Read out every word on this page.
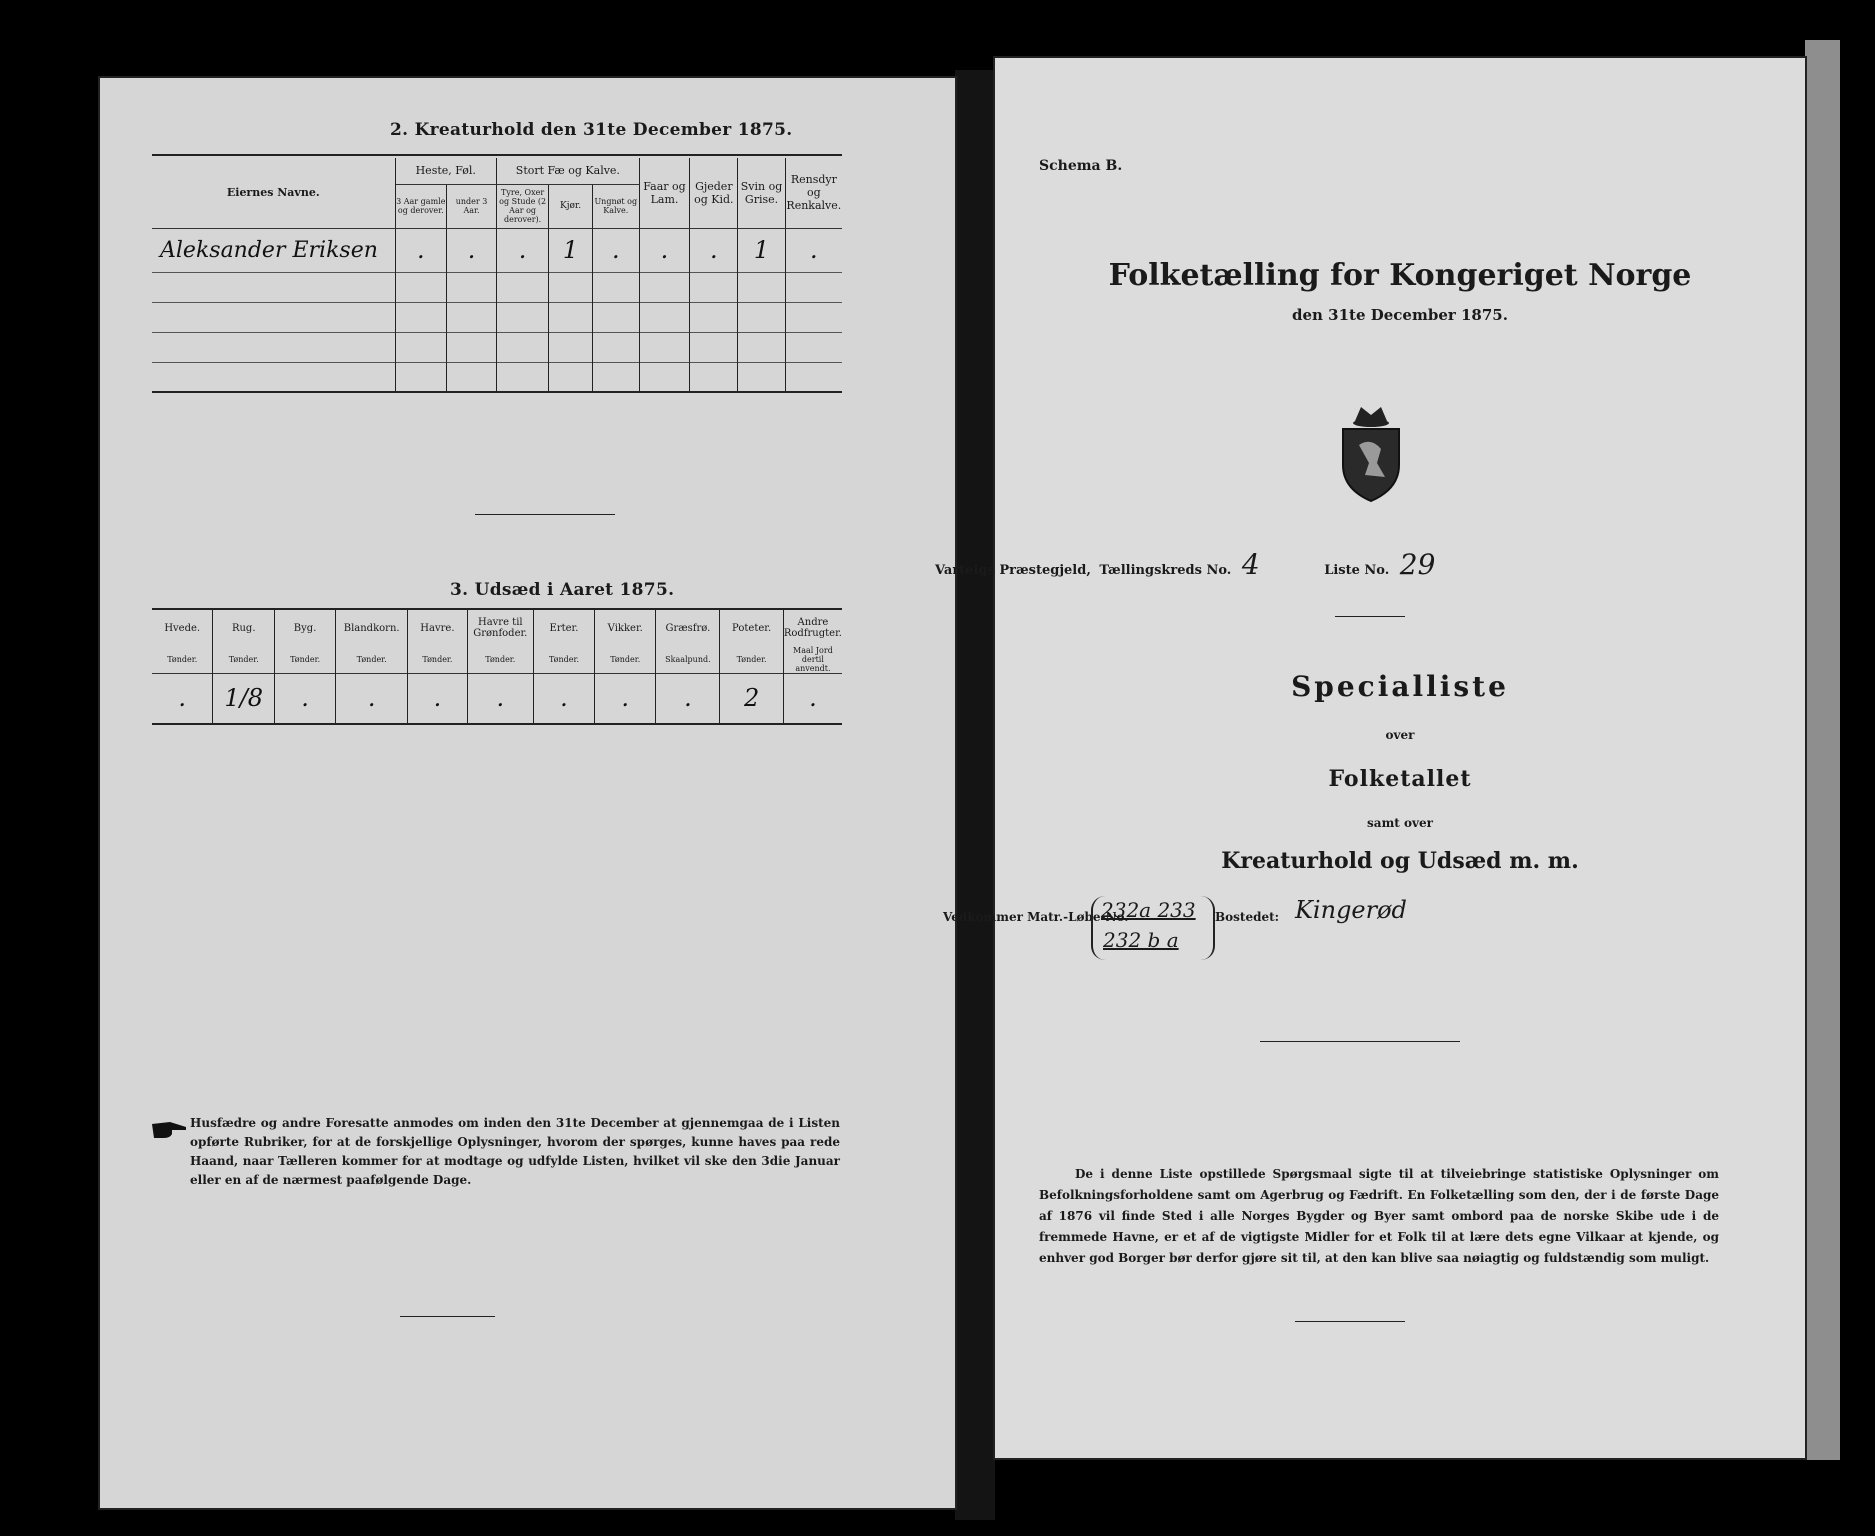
2. Kreaturhold den 31te December 1875.
Eiernes Navne.	Heste, Føl.		Stort Fæ og Kalve.			Faar og Lam.	Gjeder og Kid.	Svin og Grise.	Rensdyr og Renkalve.
	3 Aar gamle og derover.	under 3 Aar.	Tyre, Oxer og Stude (2 Aar og derover).	Kjør.	Ungnøt og Kalve.				
Aleksander Eriksen	.	.	.	1	.	.	.	1	.

3. Udsæd i Aaret 1875.
Hvede.	Rug.	Byg.	Blandkorn.	Havre.	Havre til Grønfoder.	Erter.	Vikker.	Græsfrø.	Poteter.	Andre Rodfrugter.
Tønder.	Tønder.	Tønder.	Tønder.	Tønder.	Tønder.	Tønder.	Tønder.	Skaalpund.	Tønder.	Maal Jord dertil anvendt.
.	1/8	.	.	.	.	.	.	.	2	.
Husfædre og andre Foresatte anmodes om inden den 31te December at gjennemgaa de i Listen opførte Rubriker, for at de forskjellige Oplysninger, hvorom der spørges, kunne haves paa rede Haand, naar Tælleren kommer for at modtage og udfylde Listen, hvilket vil ske den 3die Januar eller en af de nærmest paafølgende Dage.
Schema B.
Folketælling for Kongeriget Norge
den 31te December 1875.
Varteigs Præstegjeld, Tællingskreds No. 4	Liste No. 29
Specialliste
over
Folketallet
samt over
Kreaturhold og Udsæd m. m.
Vedkommer Matr.-Løbe-No.
232a 233
232 b a
Bostedet: Kingerød
De i denne Liste opstillede Spørgsmaal sigte til at tilveiebringe statistiske Oplysninger om Befolkningsforholdene samt om Agerbrug og Fædrift. En Folketælling som den, der i de første Dage af 1876 vil finde Sted i alle Norges Bygder og Byer samt ombord paa de norske Skibe ude i de fremmede Havne, er et af de vigtigste Midler for et Folk til at lære dets egne Vilkaar at kjende, og enhver god Borger bør derfor gjøre sit til, at den kan blive saa nøiagtig og fuldstændig som muligt.
